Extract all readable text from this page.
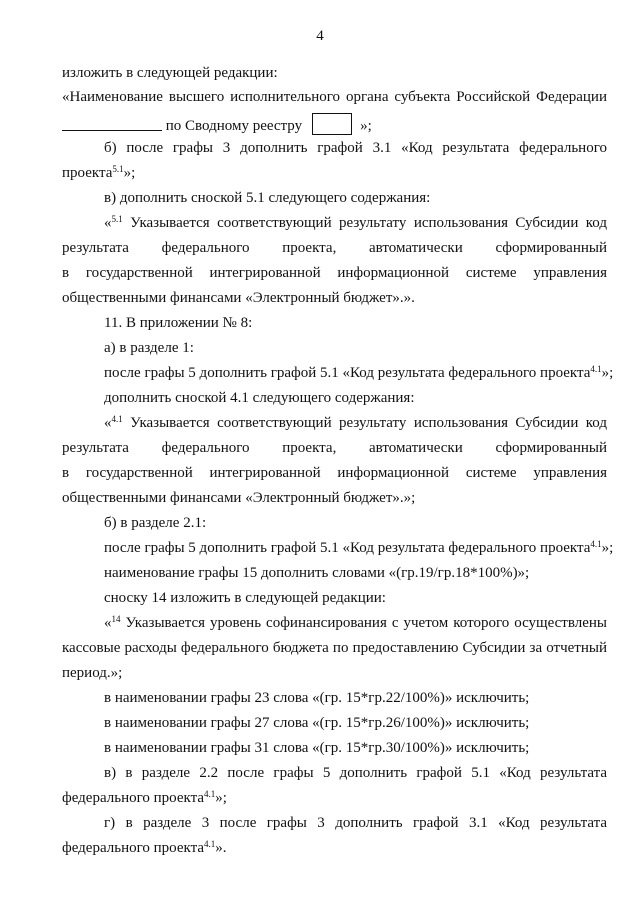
4
изложить в следующей редакции:
«Наименование высшего исполнительного органа субъекта Российской Федерации
по Сводному реестру	»;
б) после графы 3 дополнить графой 3.1 «Код результата федерального
проекта$^{5.1}$»;
в) дополнить сноской 5.1 следующего содержания:
«$^{5.1}$ Указывается соответствующий результату использования Субсидии код
результата федерального проекта, автоматически сформированный
в государственной интегрированной информационной системе управления
общественными финансами «Электронный бюджет».».
11. В приложении № 8:
а) в разделе 1:
после графы 5 дополнить графой 5.1 «Код результата федерального проекта$^{4.1}$»;
дополнить сноской 4.1 следующего содержания:
«$^{4.1}$ Указывается соответствующий результату использования Субсидии код
результата федерального проекта, автоматически сформированный
в государственной интегрированной информационной системе управления
общественными финансами «Электронный бюджет».»;
б) в разделе 2.1:
после графы 5 дополнить графой 5.1 «Код результата федерального проекта$^{4.1}$»;
наименование графы 15 дополнить словами «(гр.19/гр.18*100%)»;
сноску 14 изложить в следующей редакции:
«$^{14}$ Указывается уровень софинансирования с учетом которого осуществлены
кассовые расходы федерального бюджета по предоставлению Субсидии за отчетный
период.»;
в наименовании графы 23 слова «(гр. 15*гр.22/100%)» исключить;
в наименовании графы 27 слова «(гр. 15*гр.26/100%)» исключить;
в наименовании графы 31 слова «(гр. 15*гр.30/100%)» исключить;
в) в разделе 2.2 после графы 5 дополнить графой 5.1 «Код результата
федерального проекта$^{4.1}$»;
г) в разделе 3 после графы 3 дополнить графой 3.1 «Код результата
федерального проекта$^{4.1}$».
